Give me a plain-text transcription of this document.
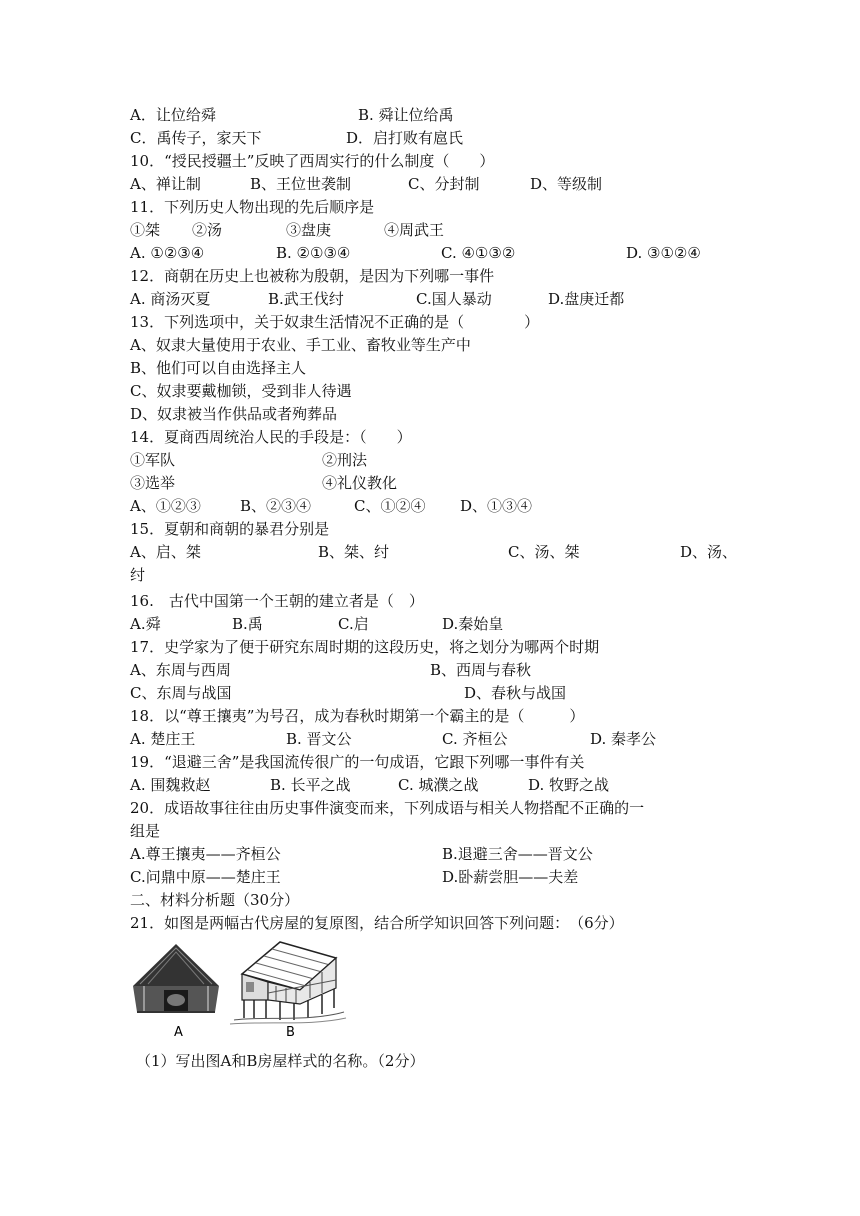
A．让位给舜	B. 舜让位给禹
C．禹传子，家天下	D．启打败有扈氏
10．“授民授疆土”反映了西周实行的什么制度（　　）
A、禅让制	B、王位世袭制	C、分封制	D、等级制
11．下列历史人物出现的先后顺序是
①桀 ②汤	③盘庚	④周武王
A. ①②③④	B. ②①③④	C. ④①③②	D. ③①②④
12．商朝在历史上也被称为殷朝，是因为下列哪一事件
A. 商汤灭夏	B.武王伐纣	C.国人暴动	D.盘庚迁都
13．下列选项中，关于奴隶生活情况不正确的是（　　　　）
A、奴隶大量使用于农业、手工业、畜牧业等生产中
B、他们可以自由选择主人
C、奴隶要戴枷锁，受到非人待遇
D、奴隶被当作供品或者殉葬品
14．夏商西周统治人民的手段是：（　　）
①军队	②刑法
③选举	④礼仪教化
A、①②③	B、②③④	C、①②④ D、①③④
15．夏朝和商朝的暴君分别是
A、启、桀	B、桀、纣	C、汤、桀	D、汤、
纣
16.　古代中国第一个王朝的建立者是（　）
A.舜	B.禹	C.启	D.秦始皇
17．史学家为了便于研究东周时期的这段历史，将之划分为哪两个时期
A、东周与西周	B、西周与春秋
C、东周与战国	D、春秋与战国
18．以“尊王攘夷”为号召，成为春秋时期第一个霸主的是（　　　）
A. 楚庄王	B. 晋文公	C. 齐桓公	D. 秦孝公
19．“退避三舍”是我国流传很广的一句成语，它跟下列哪一事件有关
A. 围魏救赵	B. 长平之战	C. 城濮之战	D. 牧野之战
20．成语故事往往由历史事件演变而来，下列成语与相关人物搭配不正确的一
组是
A.尊王攘夷——齐桓公	B.退避三舍——晋文公
C.问鼎中原——楚庄王	D.卧薪尝胆——夫差
二、材料分析题（30分）
21．如图是两幅古代房屋的复原图，结合所学知识回答下列问题：　（6分）
A	B
（1）写出图A和B房屋样式的名称。（2分）
